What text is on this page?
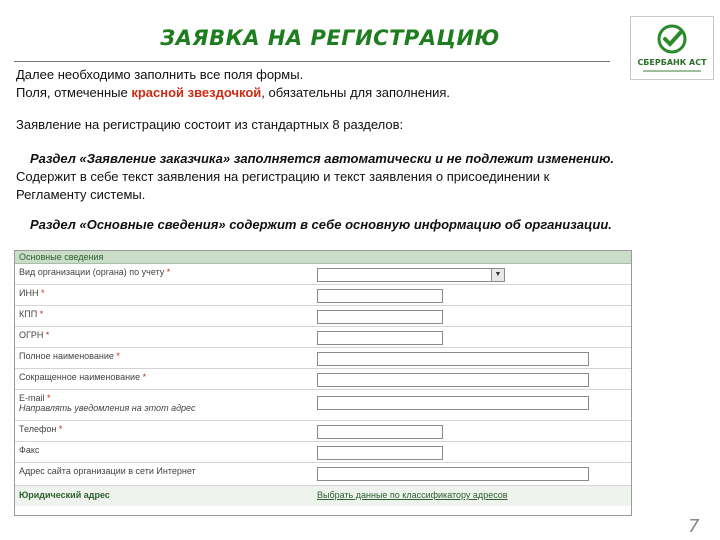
ЗАЯВКА НА РЕГИСТРАЦИЮ
СБЕРБАНК АСТ
Далее необходимо заполнить все поля формы.
Поля, отмеченные красной звездочкой, обязательны для заполнения.
Заявление на регистрацию состоит из стандартных 8 разделов:
Раздел «Заявление заказчика» заполняется автоматически и не подлежит изменению. Содержит в себе текст заявления на регистрацию и текст заявления о присоединении к Регламенту системы.
Раздел «Основные сведения» содержит в себе основную информацию об организации.
Основные сведения
Вид организации (органа) по учету *	▼
ИНН *
КПП *
ОГРН *
Полное наименование *
Сокращенное наименование *
E-mail *
Направлять уведомления на этот адрес
Телефон *
Факс
Адрес сайта организации в сети Интернет
Юридический адрес	Выбрать данные по классификатору адресов
7
